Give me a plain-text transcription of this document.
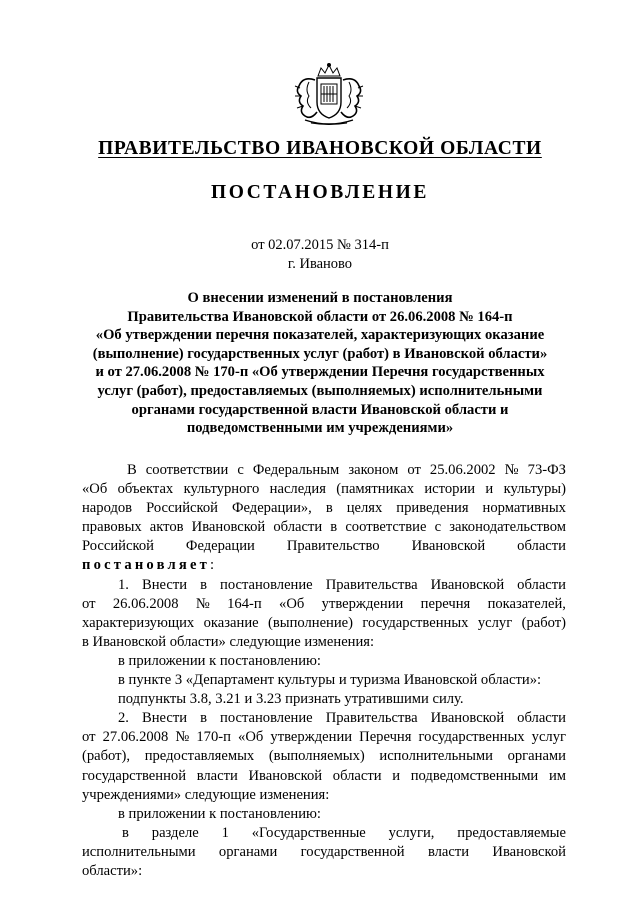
ПРАВИТЕЛЬСТВО ИВАНОВСКОЙ ОБЛАСТИ
ПОСТАНОВЛЕНИЕ
от 02.07.2015 № 314-п
г. Иваново
О внесении изменений в постановления
Правительства Ивановской области от 26.06.2008 № 164-п
«Об утверждении перечня показателей, характеризующих оказание
(выполнение) государственных услуг (работ) в Ивановской области»
и от 27.06.2008 № 170-п «Об утверждении Перечня государственных
услуг (работ), предоставляемых (выполняемых) исполнительными
органами государственной власти Ивановской области и
подведомственными им учреждениями»
В соответствии с Федеральным законом от 25.06.2002 № 73-ФЗ
«Об объектах культурного наследия (памятниках истории и культуры)
народов Российской Федерации», в целях приведения нормативных
правовых актов Ивановской области в соответствие с законодательством
Российской Федерации Правительство Ивановской области
постановляет:
1. Внести в постановление Правительства Ивановской области
от 26.06.2008 № 164-п «Об утверждении перечня показателей,
характеризующих оказание (выполнение) государственных услуг (работ)
в Ивановской области» следующие изменения:
в приложении к постановлению:
в пункте 3 «Департамент культуры и туризма Ивановской области»:
подпункты 3.8, 3.21 и 3.23 признать утратившими силу.
2. Внести в постановление Правительства Ивановской области
от 27.06.2008 № 170-п «Об утверждении Перечня государственных услуг
(работ), предоставляемых (выполняемых) исполнительными органами
государственной власти Ивановской области и подведомственными им
учреждениями» следующие изменения:
в приложении к постановлению:
в разделе 1 «Государственные услуги, предоставляемые
исполнительными органами государственной власти Ивановской
области»:
